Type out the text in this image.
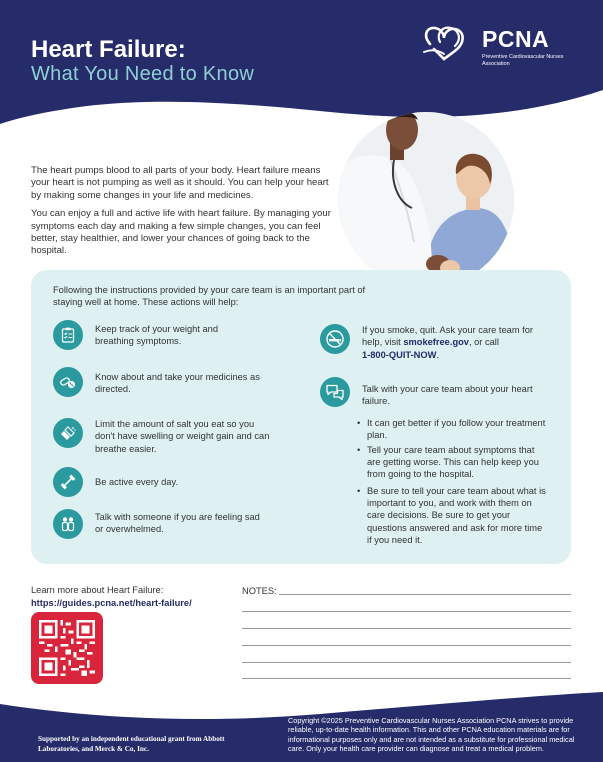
Heart Failure:
What You Need to Know
PCNA
Preventive Cardiovascular Nurses Association

The heart pumps blood to all parts of your body. Heart failure means your heart is not pumping as well as it should. You can help your heart by making some changes in your life and medicines.

You can enjoy a full and active life with heart failure. By managing your symptoms each day and making a few simple changes, you can feel better, stay healthier, and lower your chances of going back to the hospital.

Following the instructions provided by your care team is an important part of staying well at home. These actions will help:
Keep track of your weight and breathing symptoms.
Know about and take your medicines as directed.
Limit the amount of salt you eat so you don't have swelling or weight gain and can breathe easier.
Be active every day.
Talk with someone if you are feeling sad or overwhelmed.
If you smoke, quit. Ask your care team for help, visit smokefree.gov, or call
1-800-QUIT-NOW.
Talk with your care team about your heart failure.
• It can get better if you follow your treatment plan.
• Tell your care team about symptoms that are getting worse. This can help keep you from going to the hospital.
• Be sure to tell your care team about what is important to you, and work with them on care decisions. Be sure to get your questions answered and ask for more time if you need it.
Learn more about Heart Failure:
https://guides.pcna.net/heart-failure/
NOTES:
Supported by an independent educational grant from Abbott Laboratories, and Merck & Co, Inc.
Copyright ©2025 Preventive Cardiovascular Nurses Association PCNA strives to provide reliable, up-to-date health information. This and other PCNA education materials are for informational purposes only and are not intended as a substitute for professional medical care. Only your health care provider can diagnose and treat a medical problem.
